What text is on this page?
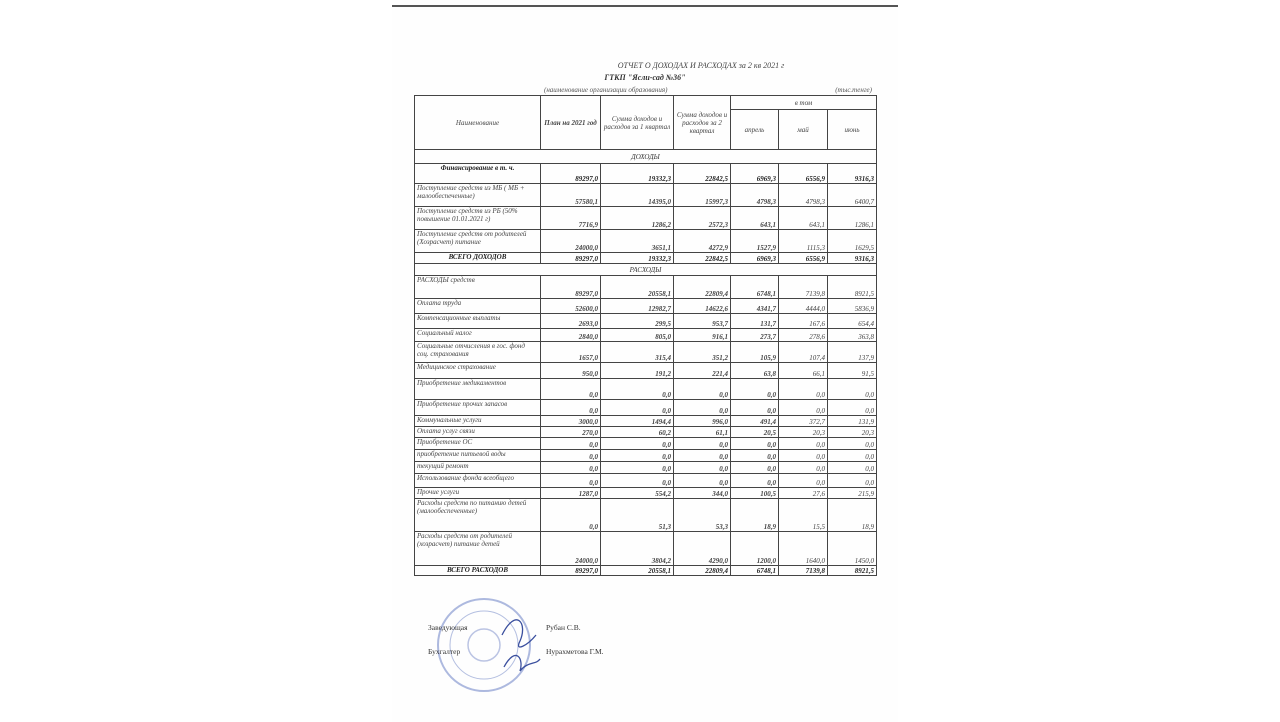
ОТЧЕТ О ДОХОДАХ И РАСХОДАХ за 2 кв 2021 г
ГТКП "Ясли-сад №36"
(наименование организации образования)	(тыс.тенге)
Наименование	План на 2021 год	Сумма доходов и расходов за 1 квартал	Сумма доходов и расходов за 2 квартал	в том		
				апрель	май	июнь
ДОХОДЫ						
Финансирование в т. ч.	89297,0	19332,3	22842,5	6969,3	6556,9	9316,3
Поступление средств из МБ ( МБ + малообеспеченные)	57580,1	14395,0	15997,3	4798,3	4798,3	6400,7
Поступление средств из РБ (50% повышение 01.01.2021 г)	7716,9	1286,2	2572,3	643,1	643,1	1286,1
Поступление средств от родителей (Хозрасчет) питание	24000,0	3651,1	4272,9	1527,9	1115,3	1629,5
ВСЕГО ДОХОДОВ	89297,0	19332,3	22842,5	6969,3	6556,9	9316,3
РАСХОДЫ						
РАСХОДЫ средств	89297,0	20558,1	22809,4	6748,1	7139,8	8921,5
Оплата труда	52600,0	12982,7	14622,6	4341,7	4444,0	5836,9
Компенсационные выплаты	2693,0	299,5	953,7	131,7	167,6	654,4
Социальный налог	2840,0	805,0	916,1	273,7	278,6	363,8
Социальные отчисления в гос. фонд соц. страхования	1657,0	315,4	351,2	105,9	107,4	137,9
Медицинское страхование	950,0	191,2	221,4	63,8	66,1	91,5
Приобретение медикаментов	0,0	0,0	0,0	0,0	0,0	0,0
Приобретение прочих запасов	0,0	0,0	0,0	0,0	0,0	0,0
Коммунальные услуги	3000,0	1494,4	996,0	491,4	372,7	131,9
Оплата услуг связи	270,0	60,2	61,1	20,5	20,3	20,3
Приобретение ОС	0,0	0,0	0,0	0,0	0,0	0,0
приобретение питьевой воды	0,0	0,0	0,0	0,0	0,0	0,0
текущий ремонт	0,0	0,0	0,0	0,0	0,0	0,0
Использование фонда всеобщего	0,0	0,0	0,0	0,0	0,0	0,0
Прочие услуги	1287,0	554,2	344,0	100,5	27,6	215,9
Расходы средств по питанию детей (малообеспеченные)	0,0	51,3	53,3	18,9	15,5	18,9
Расходы средств от родителей (хозрасчет) питание детей	24000,0	3804,2	4290,0	1200,0	1640,0	1450,0
ВСЕГО РАСХОДОВ	89297,0	20558,1	22809,4	6748,1	7139,8	8921,5
Заведующая	Рубан С.В.
Бухгалтер	Нурахметова Г.М.
